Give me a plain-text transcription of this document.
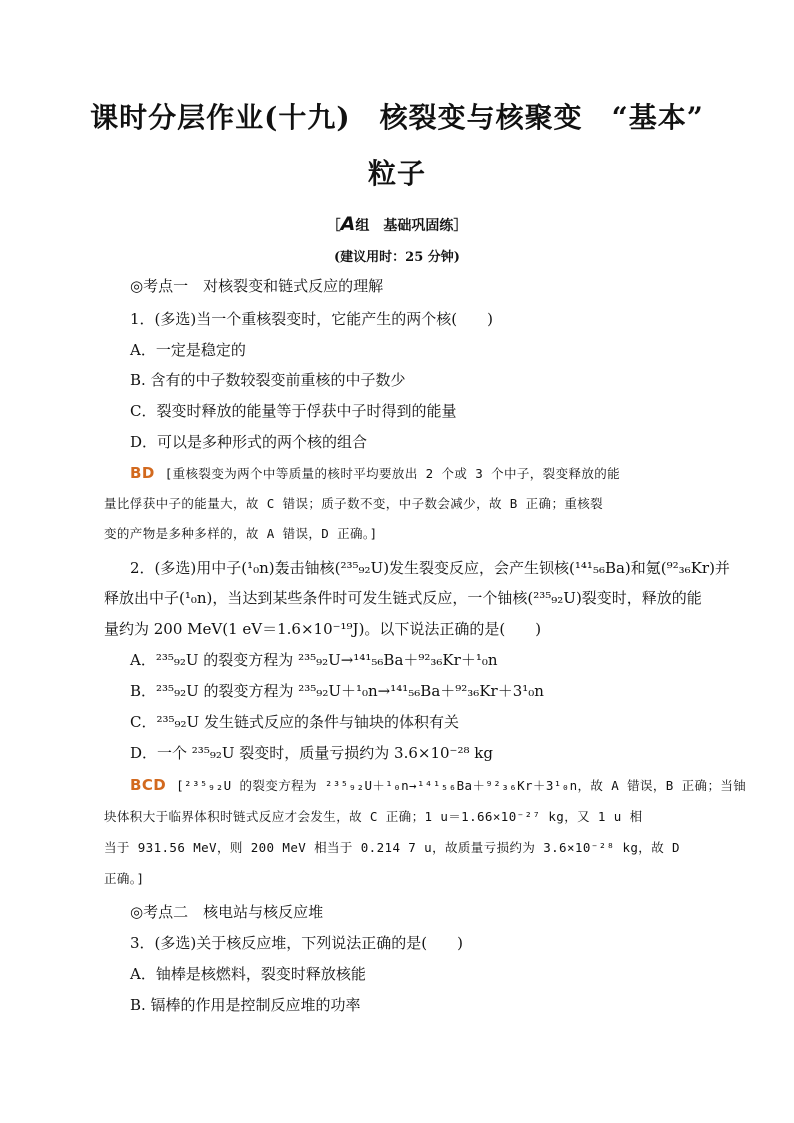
课时分层作业(十九)　核裂变与核聚变　“基本”
粒子
［A组　基础巩固练］
(建议用时：25 分钟)
◎考点一　对核裂变和链式反应的理解
1．(多选)当一个重核裂变时，它能产生的两个核(　　)
A．一定是稳定的
B. 含有的中子数较裂变前重核的中子数少
C．裂变时释放的能量等于俘获中子时得到的能量
D．可以是多种形式的两个核的组合
BD [重核裂变为两个中等质量的核时平均要放出 2 个或 3 个中子，裂变释放的能
量比俘获中子的能量大，故 C 错误；质子数不变，中子数会减少，故 B 正确；重核裂
变的产物是多种多样的，故 A 错误，D 正确。]
2．(多选)用中子(¹₀n)轰击铀核(²³⁵₉₂U)发生裂变反应，会产生钡核(¹⁴¹₅₆Ba)和氪(⁹²₃₆Kr)并
释放出中子(¹₀n)，当达到某些条件时可发生链式反应，一个铀核(²³⁵₉₂U)裂变时，释放的能
量约为 200 MeV(1 eV＝1.6×10⁻¹⁹J)。以下说法正确的是(　　)
A．²³⁵₉₂U 的裂变方程为 ²³⁵₉₂U→¹⁴¹₅₆Ba＋⁹²₃₆Kr＋¹₀n
B．²³⁵₉₂U 的裂变方程为 ²³⁵₉₂U＋¹₀n→¹⁴¹₅₆Ba＋⁹²₃₆Kr＋3¹₀n
C．²³⁵₉₂U 发生链式反应的条件与铀块的体积有关
D．一个 ²³⁵₉₂U 裂变时，质量亏损约为 3.6×10⁻²⁸ kg
BCD [²³⁵₉₂U 的裂变方程为 ²³⁵₉₂U＋¹₀n→¹⁴¹₅₆Ba＋⁹²₃₆Kr＋3¹₀n，故 A 错误，B 正确；当铀
块体积大于临界体积时链式反应才会发生，故 C 正确；1 u＝1.66×10⁻²⁷ kg，又 1 u 相
当于 931.56 MeV，则 200 MeV 相当于 0.214 7 u，故质量亏损约为 3.6×10⁻²⁸ kg，故 D
正确。]
◎考点二　核电站与核反应堆
3．(多选)关于核反应堆，下列说法正确的是(　　)
A．铀棒是核燃料，裂变时释放核能
B. 镉棒的作用是控制反应堆的功率
